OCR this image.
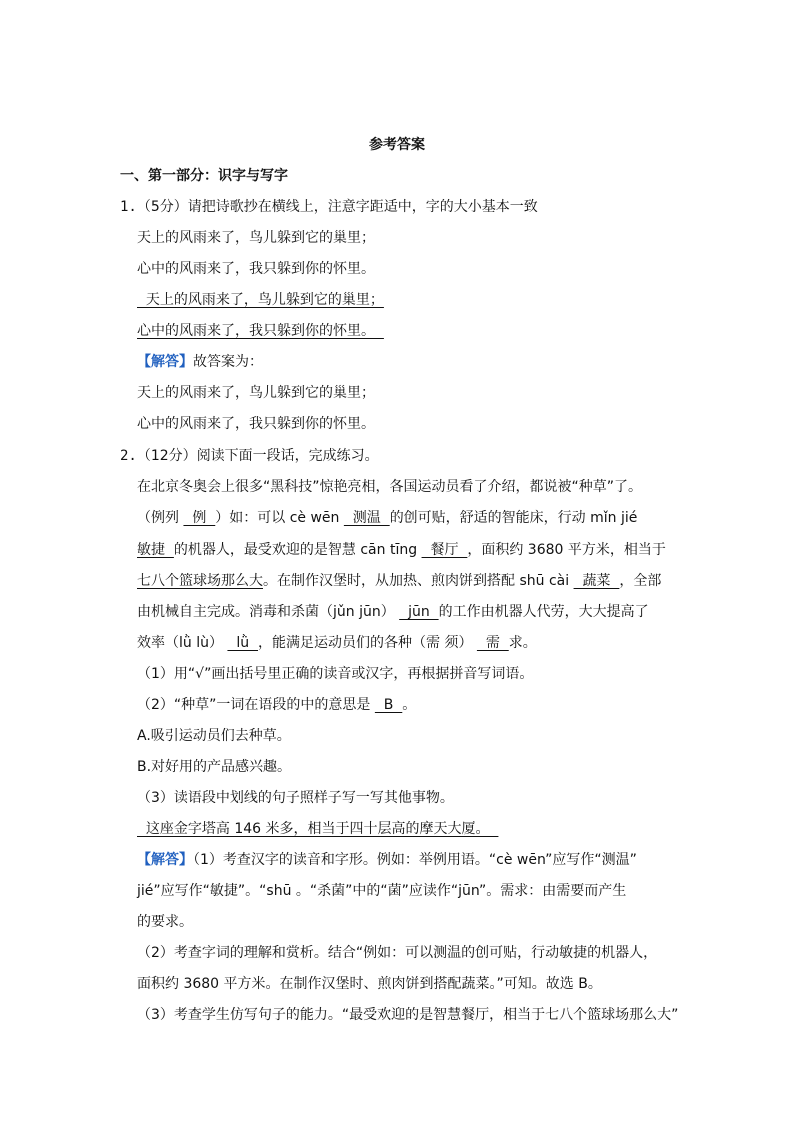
参考答案
一、第一部分：识字与写字
1.（5分）请把诗歌抄在横线上，注意字距适中，字的大小基本一致
天上的风雨来了，鸟儿躲到它的巢里；
心中的风雨来了，我只躲到你的怀里。
天上的风雨来了，鸟儿躲到它的巢里；
心中的风雨来了，我只躲到你的怀里。
【解答】故答案为：
天上的风雨来了，鸟儿躲到它的巢里；
心中的风雨来了，我只躲到你的怀里。
2.（12分）阅读下面一段话，完成练习。
在北京冬奥会上很多“黑科技”惊艳亮相，各国运动员看了介绍，都说被“种草”了。
（例列   例  ）如：可以 cè wēn   测温  的创可贴，舒适的智能床，行动 mǐn jié
敏捷  的机器人，最受欢迎的是智慧 cān tīng   餐厅  ，面积约 3680 平方米，相当于
七八个篮球场那么大。在制作汉堡时，从加热、煎肉饼到搭配 shū cài   蔬菜  ，全部
由机械自主完成。消毒和杀菌（jǔn jūn）   jūn  的工作由机器人代劳，大大提高了
效率（lǜ lù）   lǜ  ，能满足运动员们的各种（需 须）   需  求。
（1）用“√”画出括号里正确的读音或汉字，再根据拼音写词语。
（2）“种草”一词在语段的中的意思是   B  。
A.吸引运动员们去种草。
B.对好用的产品感兴趣。
（3）读语段中划线的句子照样子写一写其他事物。
这座金字塔高 146 米多，相当于四十层高的摩天大厦。
【解答】（1）考查汉字的读音和字形。例如：举例用语。“cè wēn”应写作“测温”
jié”应写作“敏捷”。“shū 。“杀菌”中的“菌”应读作“jūn”。需求：由需要而产生
的要求。
（2）考查字词的理解和赏析。结合“例如：可以测温的创可贴，行动敏捷的机器人，
面积约 3680 平方米。在制作汉堡时、煎肉饼到搭配蔬菜。”可知。故选 B。
（3）考查学生仿写句子的能力。“最受欢迎的是智慧餐厅，相当于七八个篮球场那么大”
